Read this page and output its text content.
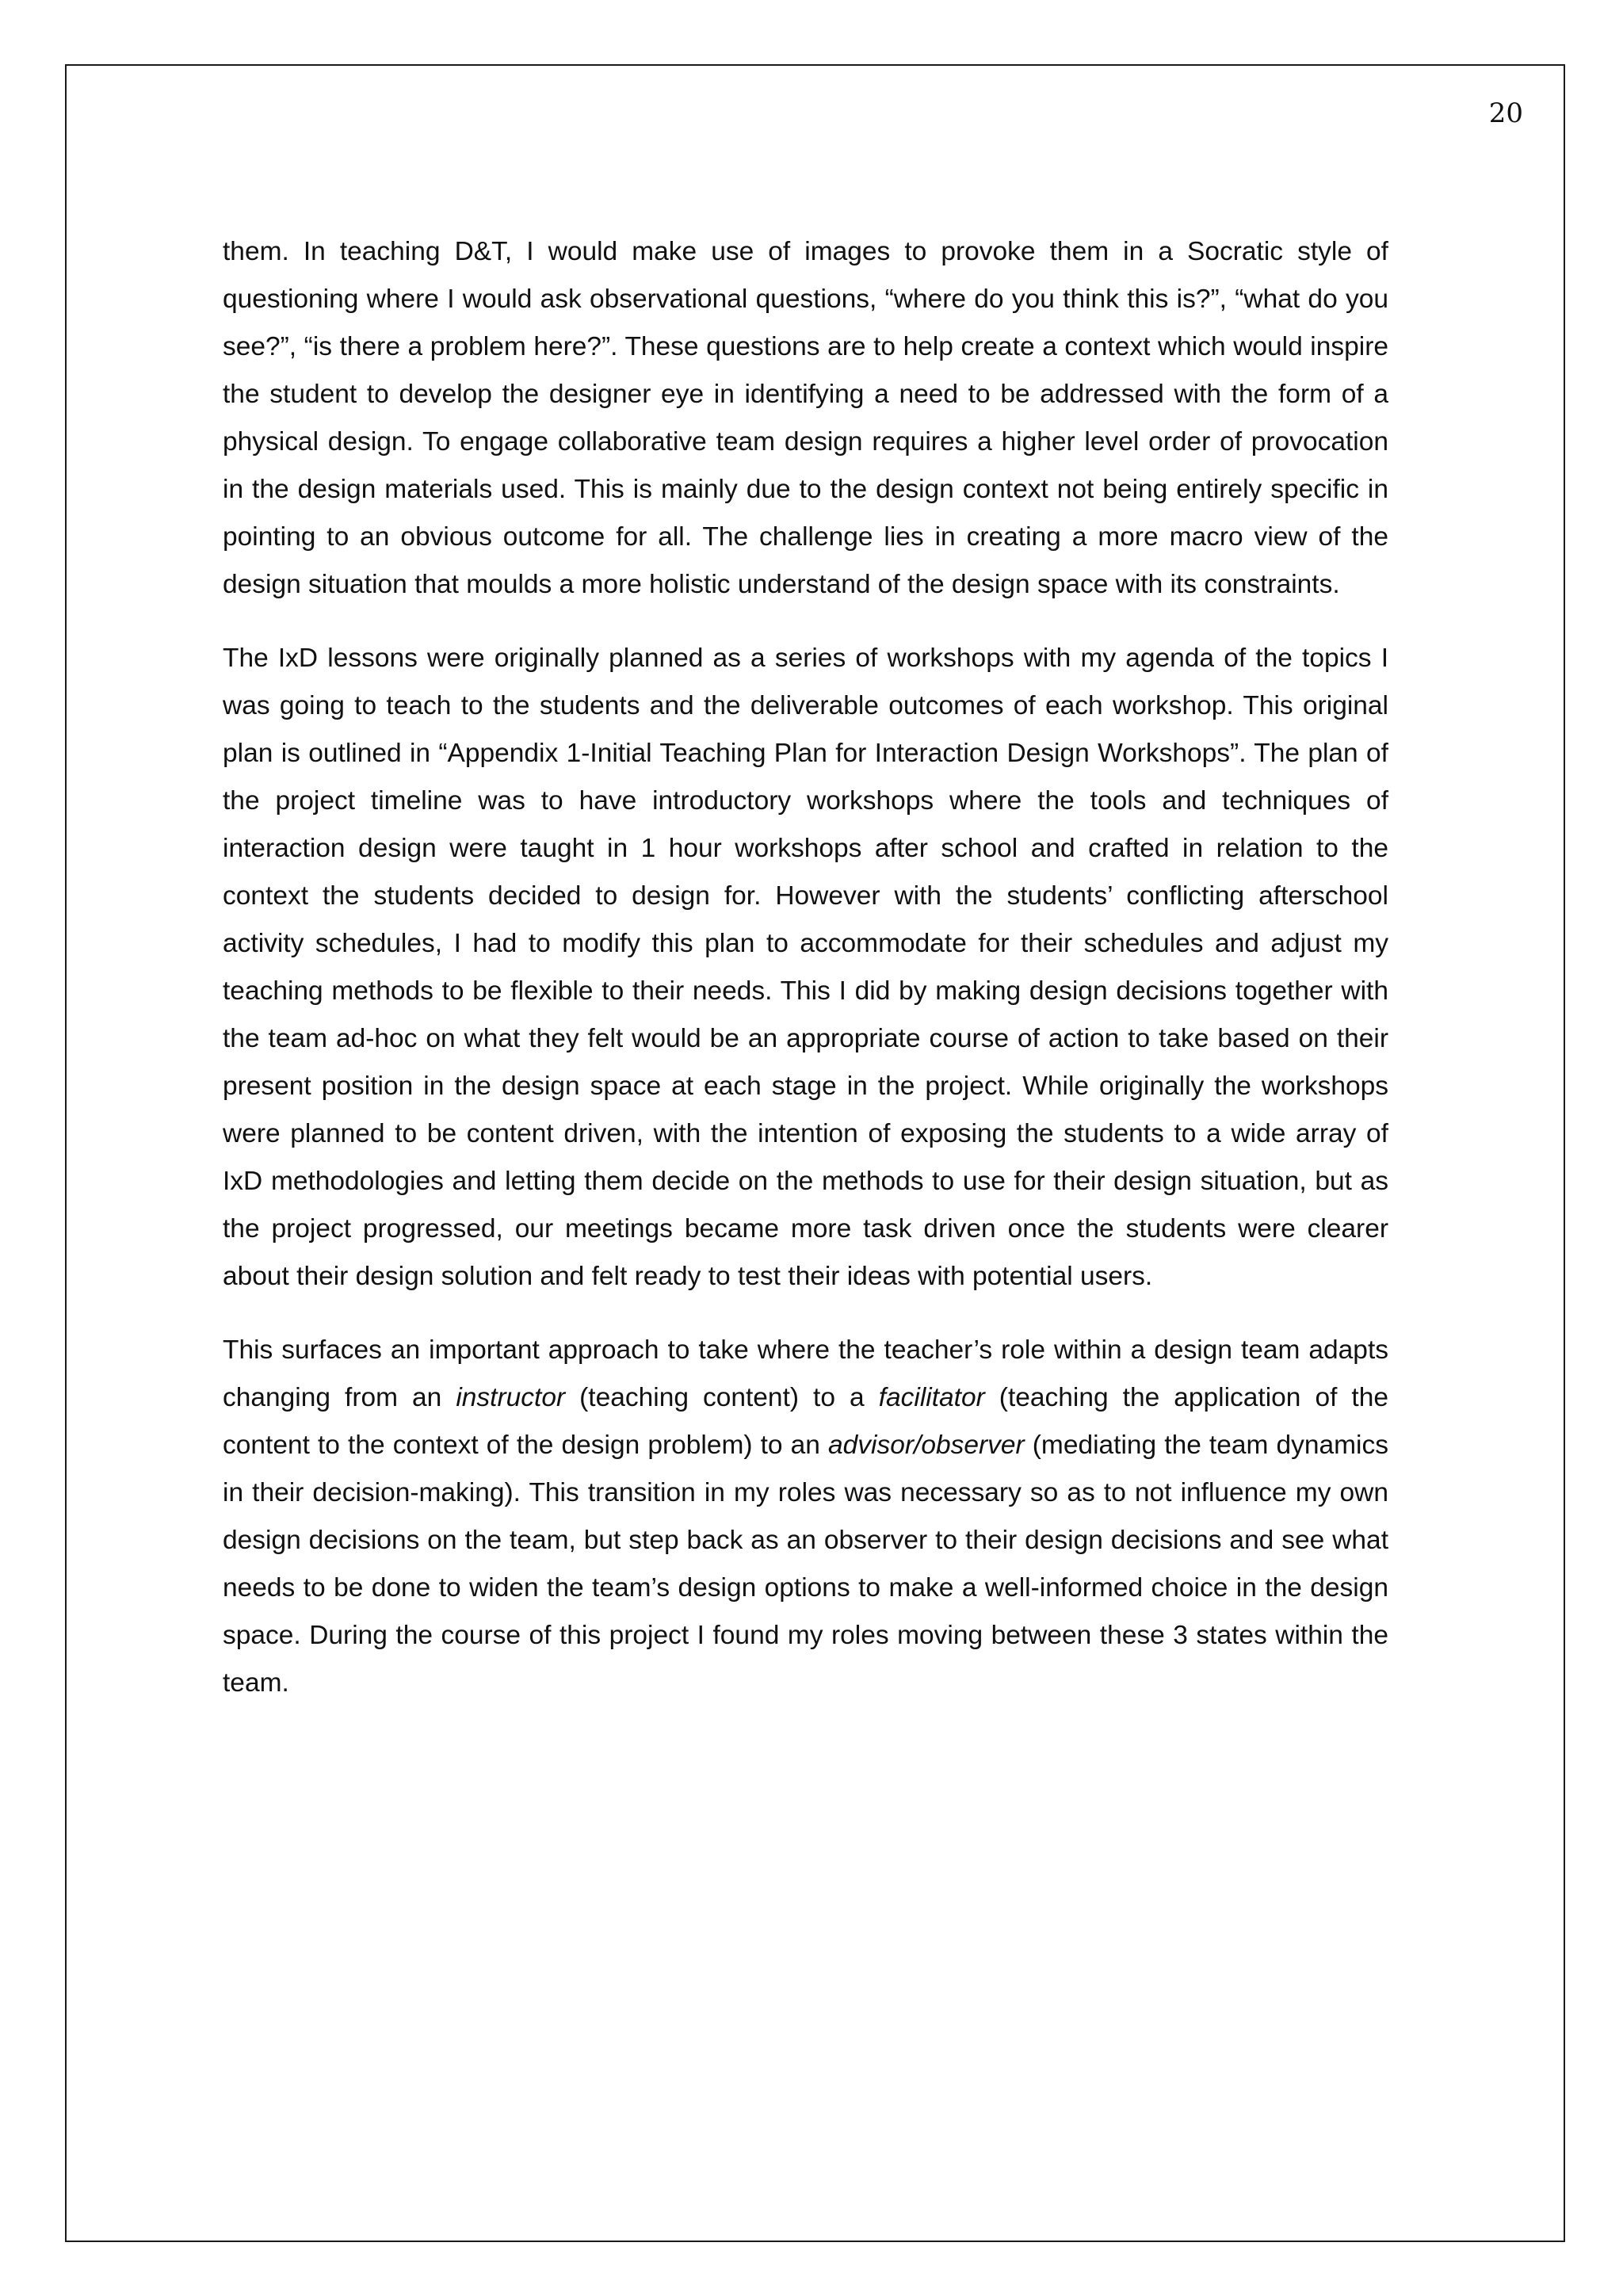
20

them. In teaching D&T, I would make use of images to provoke them in a Socratic style of questioning where I would ask observational questions, “where do you think this is?”, “what do you see?”, “is there a problem here?”. These questions are to help create a context which would inspire the student to develop the designer eye in identifying a need to be addressed with the form of a physical design. To engage collaborative team design requires a higher level order of provocation in the design materials used. This is mainly due to the design context not being entirely specific in pointing to an obvious outcome for all. The challenge lies in creating a more macro view of the design situation that moulds a more holistic understand of the design space with its constraints.

The IxD lessons were originally planned as a series of workshops with my agenda of the topics I was going to teach to the students and the deliverable outcomes of each workshop. This original plan is outlined in “Appendix 1-Initial Teaching Plan for Interaction Design Workshops”. The plan of the project timeline was to have introductory workshops where the tools and techniques of interaction design were taught in 1 hour workshops after school and crafted in relation to the context the students decided to design for. However with the students’ conflicting afterschool activity schedules, I had to modify this plan to accommodate for their schedules and adjust my teaching methods to be flexible to their needs. This I did by making design decisions together with the team ad-hoc on what they felt would be an appropriate course of action to take based on their present position in the design space at each stage in the project. While originally the workshops were planned to be content driven, with the intention of exposing the students to a wide array of IxD methodologies and letting them decide on the methods to use for their design situation, but as the project progressed, our meetings became more task driven once the students were clearer about their design solution and felt ready to test their ideas with potential users.

This surfaces an important approach to take where the teacher’s role within a design team adapts changing from an instructor (teaching content) to a facilitator (teaching the application of the content to the context of the design problem) to an advisor/observer (mediating the team dynamics in their decision-making). This transition in my roles was necessary so as to not influence my own design decisions on the team, but step back as an observer to their design decisions and see what needs to be done to widen the team’s design options to make a well-informed choice in the design space. During the course of this project I found my roles moving between these 3 states within the team.
